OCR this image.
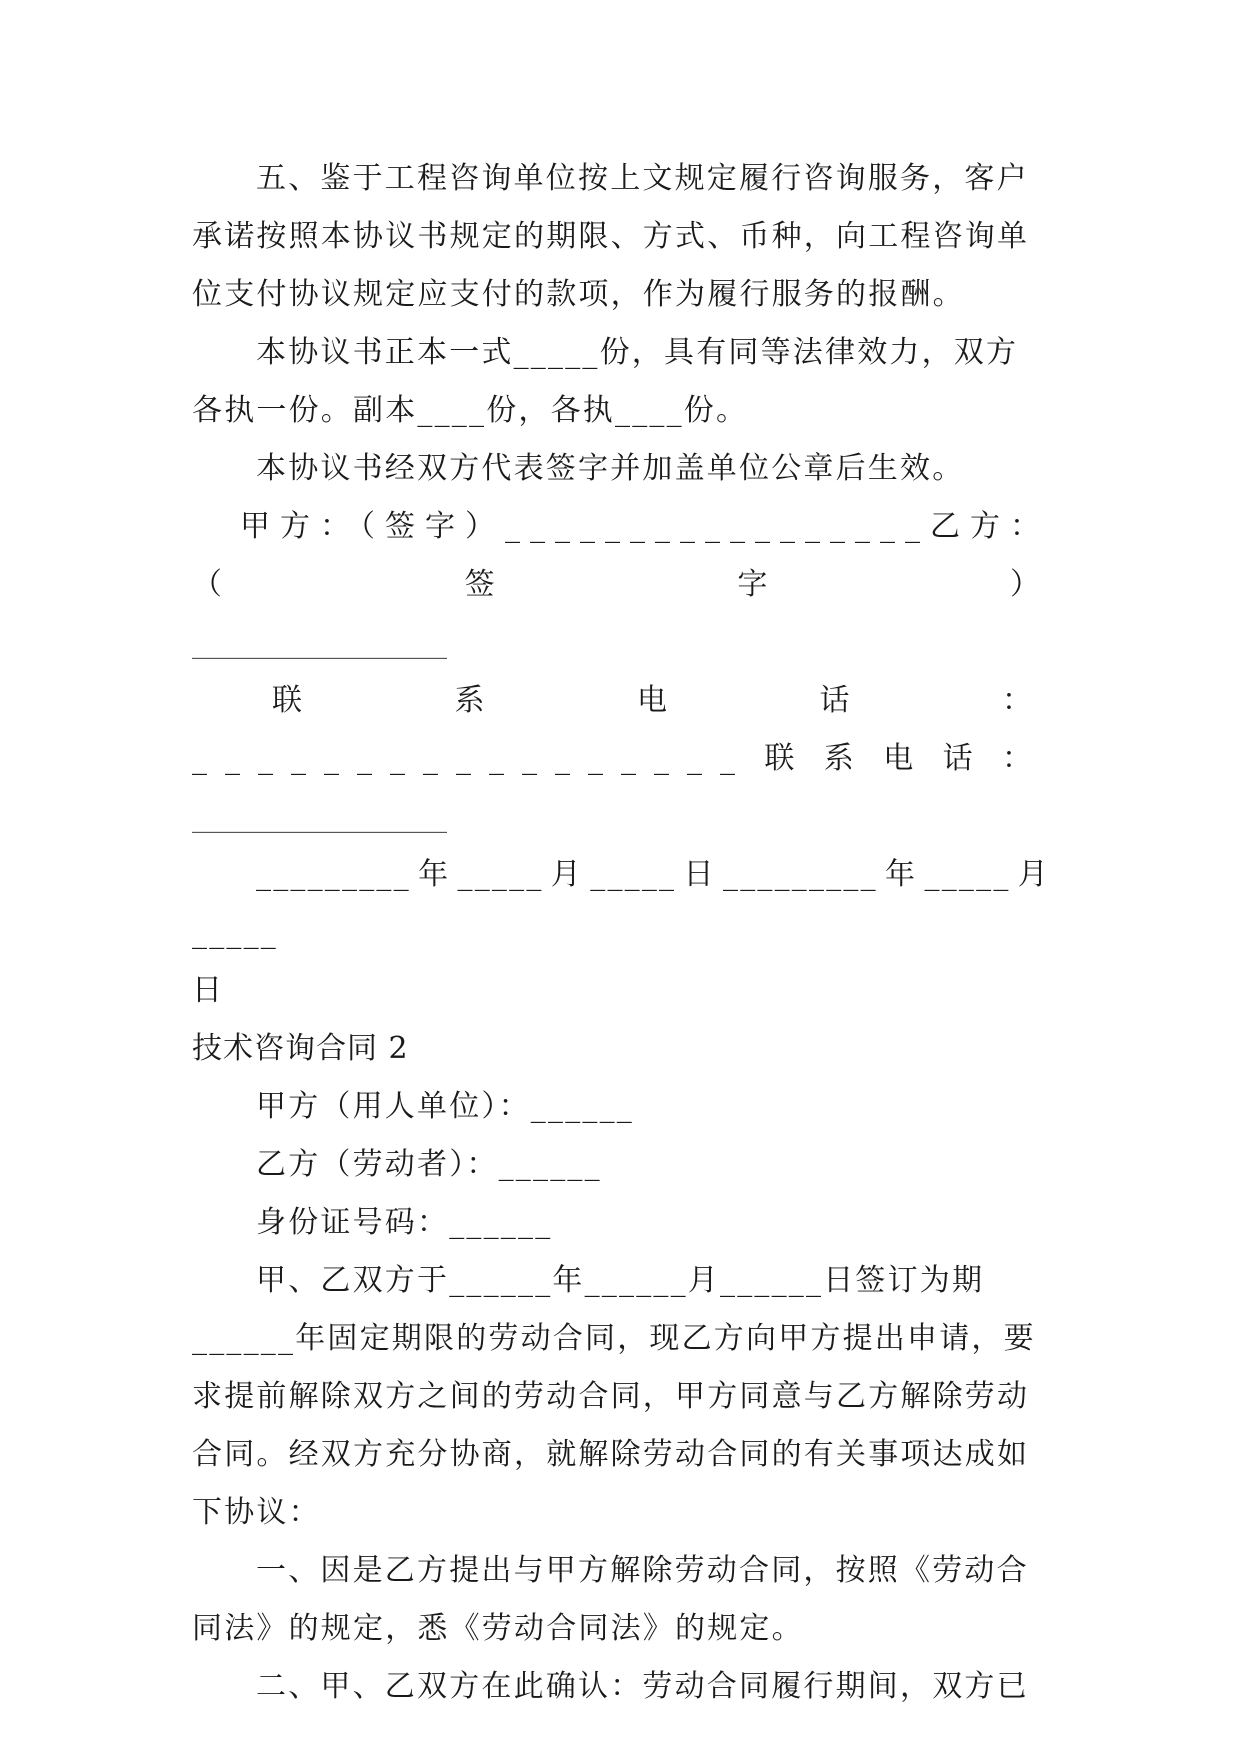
五、鉴于工程咨询单位按上文规定履行咨询服务，客户承诺按照本协议书规定的期限、方式、币种，向工程咨询单位支付协议规定应支付的款项，作为履行服务的报酬。

本协议书正本一式_____份，具有同等法律效力，双方各执一份。副本____份，各执____份。

本协议书经双方代表签字并加盖单位公章后生效。

甲方：（签字）_________________乙方：（签字）

_________________

联系电话：_________________联系电话：

_________________

_________年_____月_____日_________年_____月_____

日

技术咨询合同 2

甲方（用人单位）：______

乙方（劳动者）：______

身份证号码：______

甲、乙双方于______年______月______日签订为期______年固定期限的劳动合同，现乙方向甲方提出申请，要求提前解除双方之间的劳动合同，甲方同意与乙方解除劳动合同。经双方充分协商，就解除劳动合同的有关事项达成如下协议：

一、因是乙方提出与甲方解除劳动合同，按照《劳动合同法》的规定，悉《劳动合同法》的规定。

二、甲、乙双方在此确认：劳动合同履行期间，双方已
